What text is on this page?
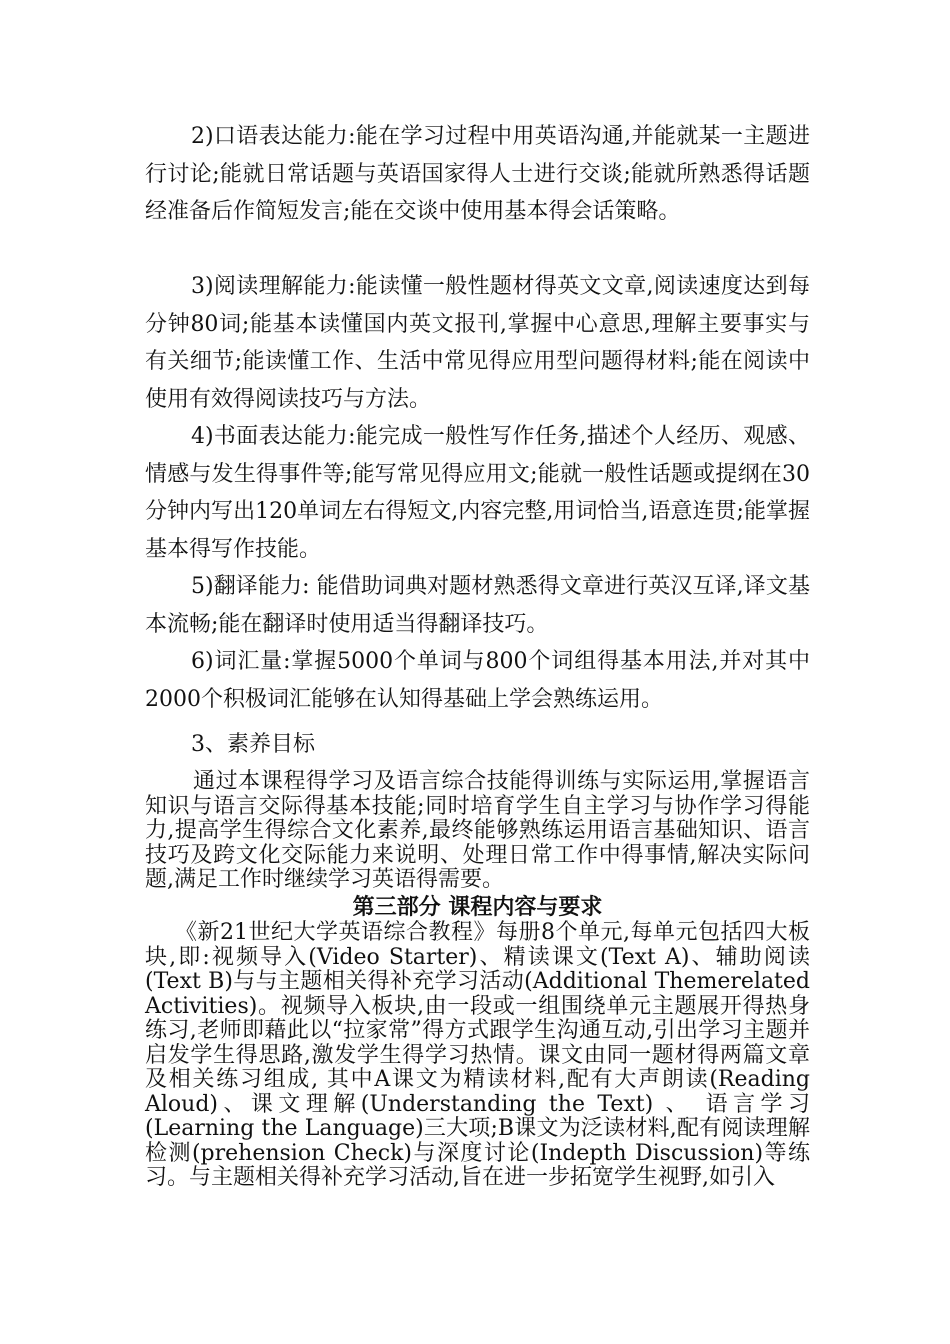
2)口语表达能力:能在学习过程中用英语沟通,并能就某一主题进行讨论;能就日常话题与英语国家得人士进行交谈;能就所熟悉得话题经准备后作简短发言;能在交谈中使用基本得会话策略。

3)阅读理解能力:能读懂一般性题材得英文文章,阅读速度达到每分钟80词;能基本读懂国内英文报刊,掌握中心意思,理解主要事实与有关细节;能读懂工作、生活中常见得应用型问题得材料;能在阅读中使用有效得阅读技巧与方法。

4)书面表达能力:能完成一般性写作任务,描述个人经历、观感、情感与发生得事件等;能写常见得应用文;能就一般性话题或提纲在30分钟内写出120单词左右得短文,内容完整,用词恰当,语意连贯;能掌握基本得写作技能。

5)翻译能力: 能借助词典对题材熟悉得文章进行英汉互译,译文基本流畅;能在翻译时使用适当得翻译技巧。

6)词汇量:掌握5000个单词与800个词组得基本用法,并对其中2000个积极词汇能够在认知得基础上学会熟练运用。

3、素养目标

通过本课程得学习及语言综合技能得训练与实际运用,掌握语言知识与语言交际得基本技能;同时培育学生自主学习与协作学习得能力,提高学生得综合文化素养,最终能够熟练运用语言基础知识、语言技巧及跨文化交际能力来说明、处理日常工作中得事情,解决实际问题,满足工作时继续学习英语得需要。

第三部分 课程内容与要求

《新21世纪大学英语综合教程》每册8个单元,每单元包括四大板块,即:视频导入(Video Starter)、精读课文(Text A)、辅助阅读(Text B)与与主题相关得补充学习活动(Additional Themerelated Activities)。视频导入板块,由一段或一组围绕单元主题展开得热身练习,老师即藉此以“拉家常”得方式跟学生沟通互动,引出学习主题并启发学生得思路,激发学生得学习热情。课文由同一题材得两篇文章及相关练习组成, 其中A课文为精读材料,配有大声朗读(Reading Aloud)、课文理解(Understanding the Text) 、 语言学习(Learning the Language)三大项;B课文为泛读材料,配有阅读理解检测(prehension Check)与深度讨论(Indepth Discussion)等练习。与主题相关得补充学习活动,旨在进一步拓宽学生视野,如引入
